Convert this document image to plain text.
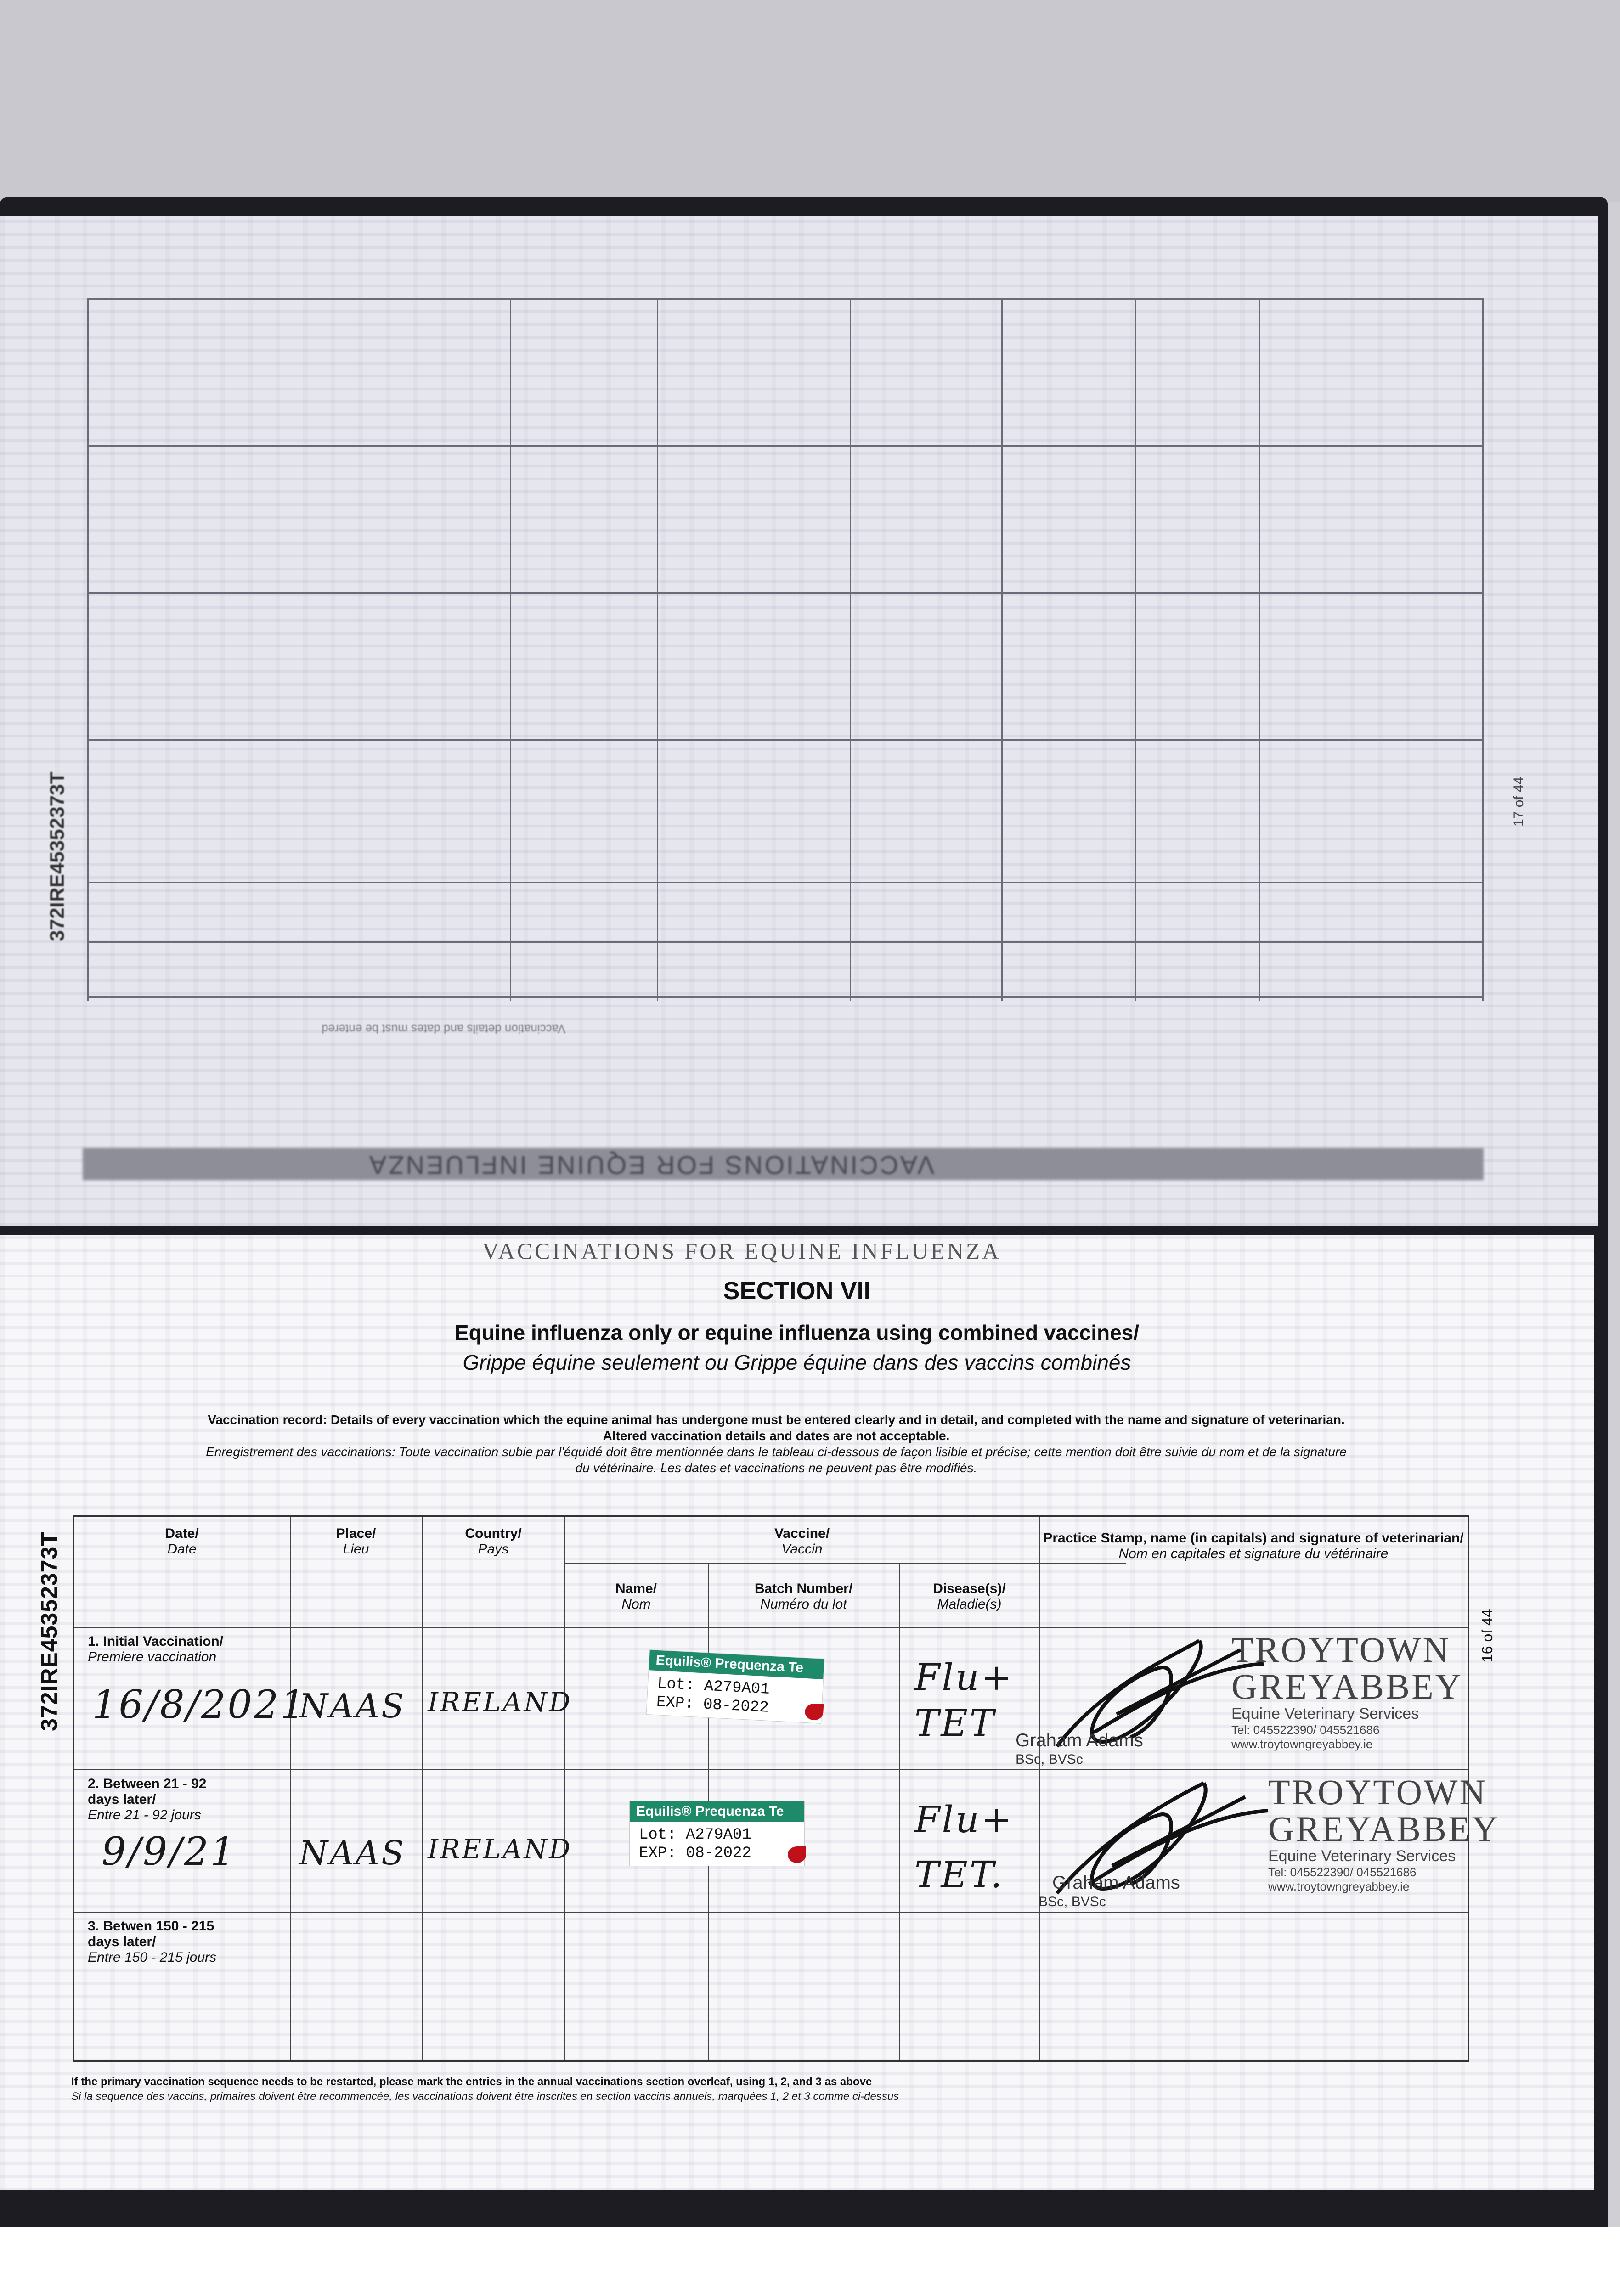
Vaccination details and dates must be entered
VACCINATIONS FOR EQUINE INFLUENZA
372IRE45352373T	17 of 44
VACCINATIONS FOR EQUINE INFLUENZA
SECTION VII
Equine influenza only or equine influenza using combined vaccines/
Grippe équine seulement ou Grippe équine dans des vaccins combinés
Vaccination record: Details of every vaccination which the equine animal has undergone must be entered clearly and in detail, and completed with the name and signature of veterinarian.
Altered vaccination details and dates are not acceptable.
Enregistrement des vaccinations: Toute vaccination subie par l'équidé doit être mentionnée dans le tableau ci-dessous de façon lisible et précise; cette mention doit être suivie du nom et de la signature
du vétérinaire. Les dates et vaccinations ne peuvent pas être modifiés.
372IRE45352373T	16 of 44
Date/
Date
Place/
Lieu
Country/
Pays
Vaccine/
Vaccin
Name/
Nom
Batch Number/
Numéro du lot
Disease(s)/
Maladie(s)
Practice Stamp, name (in capitals) and signature of veterinarian/
Nom en capitales et signature du vétérinaire
1. Initial Vaccination/
Premiere vaccination
2. Between 21 - 92 days later/
Entre 21 - 92 jours
3. Betwen 150 - 215 days later/
Entre 150 - 215 jours
16/8/2021
NAAS IRELAND
9/9/21 NAAS IRELAND
Equilis® Prequenza Te
Lot: A279A01
EXP: 08-2022
Equilis® Prequenza Te
Lot: A279A01
EXP: 08-2022
Flu+ TET
Flu+ TET.
TROYTOWN
GREYABBEY
Equine Veterinary Services
Tel: 045522390/ 045521686
www.troytowngreyabbey.ie
Graham Adams
BSc, BVSc
TROYTOWN
GREYABBEY
Equine Veterinary Services
Tel: 045522390/ 045521686
www.troytowngreyabbey.ie
Graham Adams
BSc, BVSc
If the primary vaccination sequence needs to be restarted, please mark the entries in the annual vaccinations section overleaf, using 1, 2, and 3 as above
Si la sequence des vaccins, primaires doivent être recommencée, les vaccinations doivent être inscrites en section vaccins annuels, marquées 1, 2 et 3 comme ci-dessus
